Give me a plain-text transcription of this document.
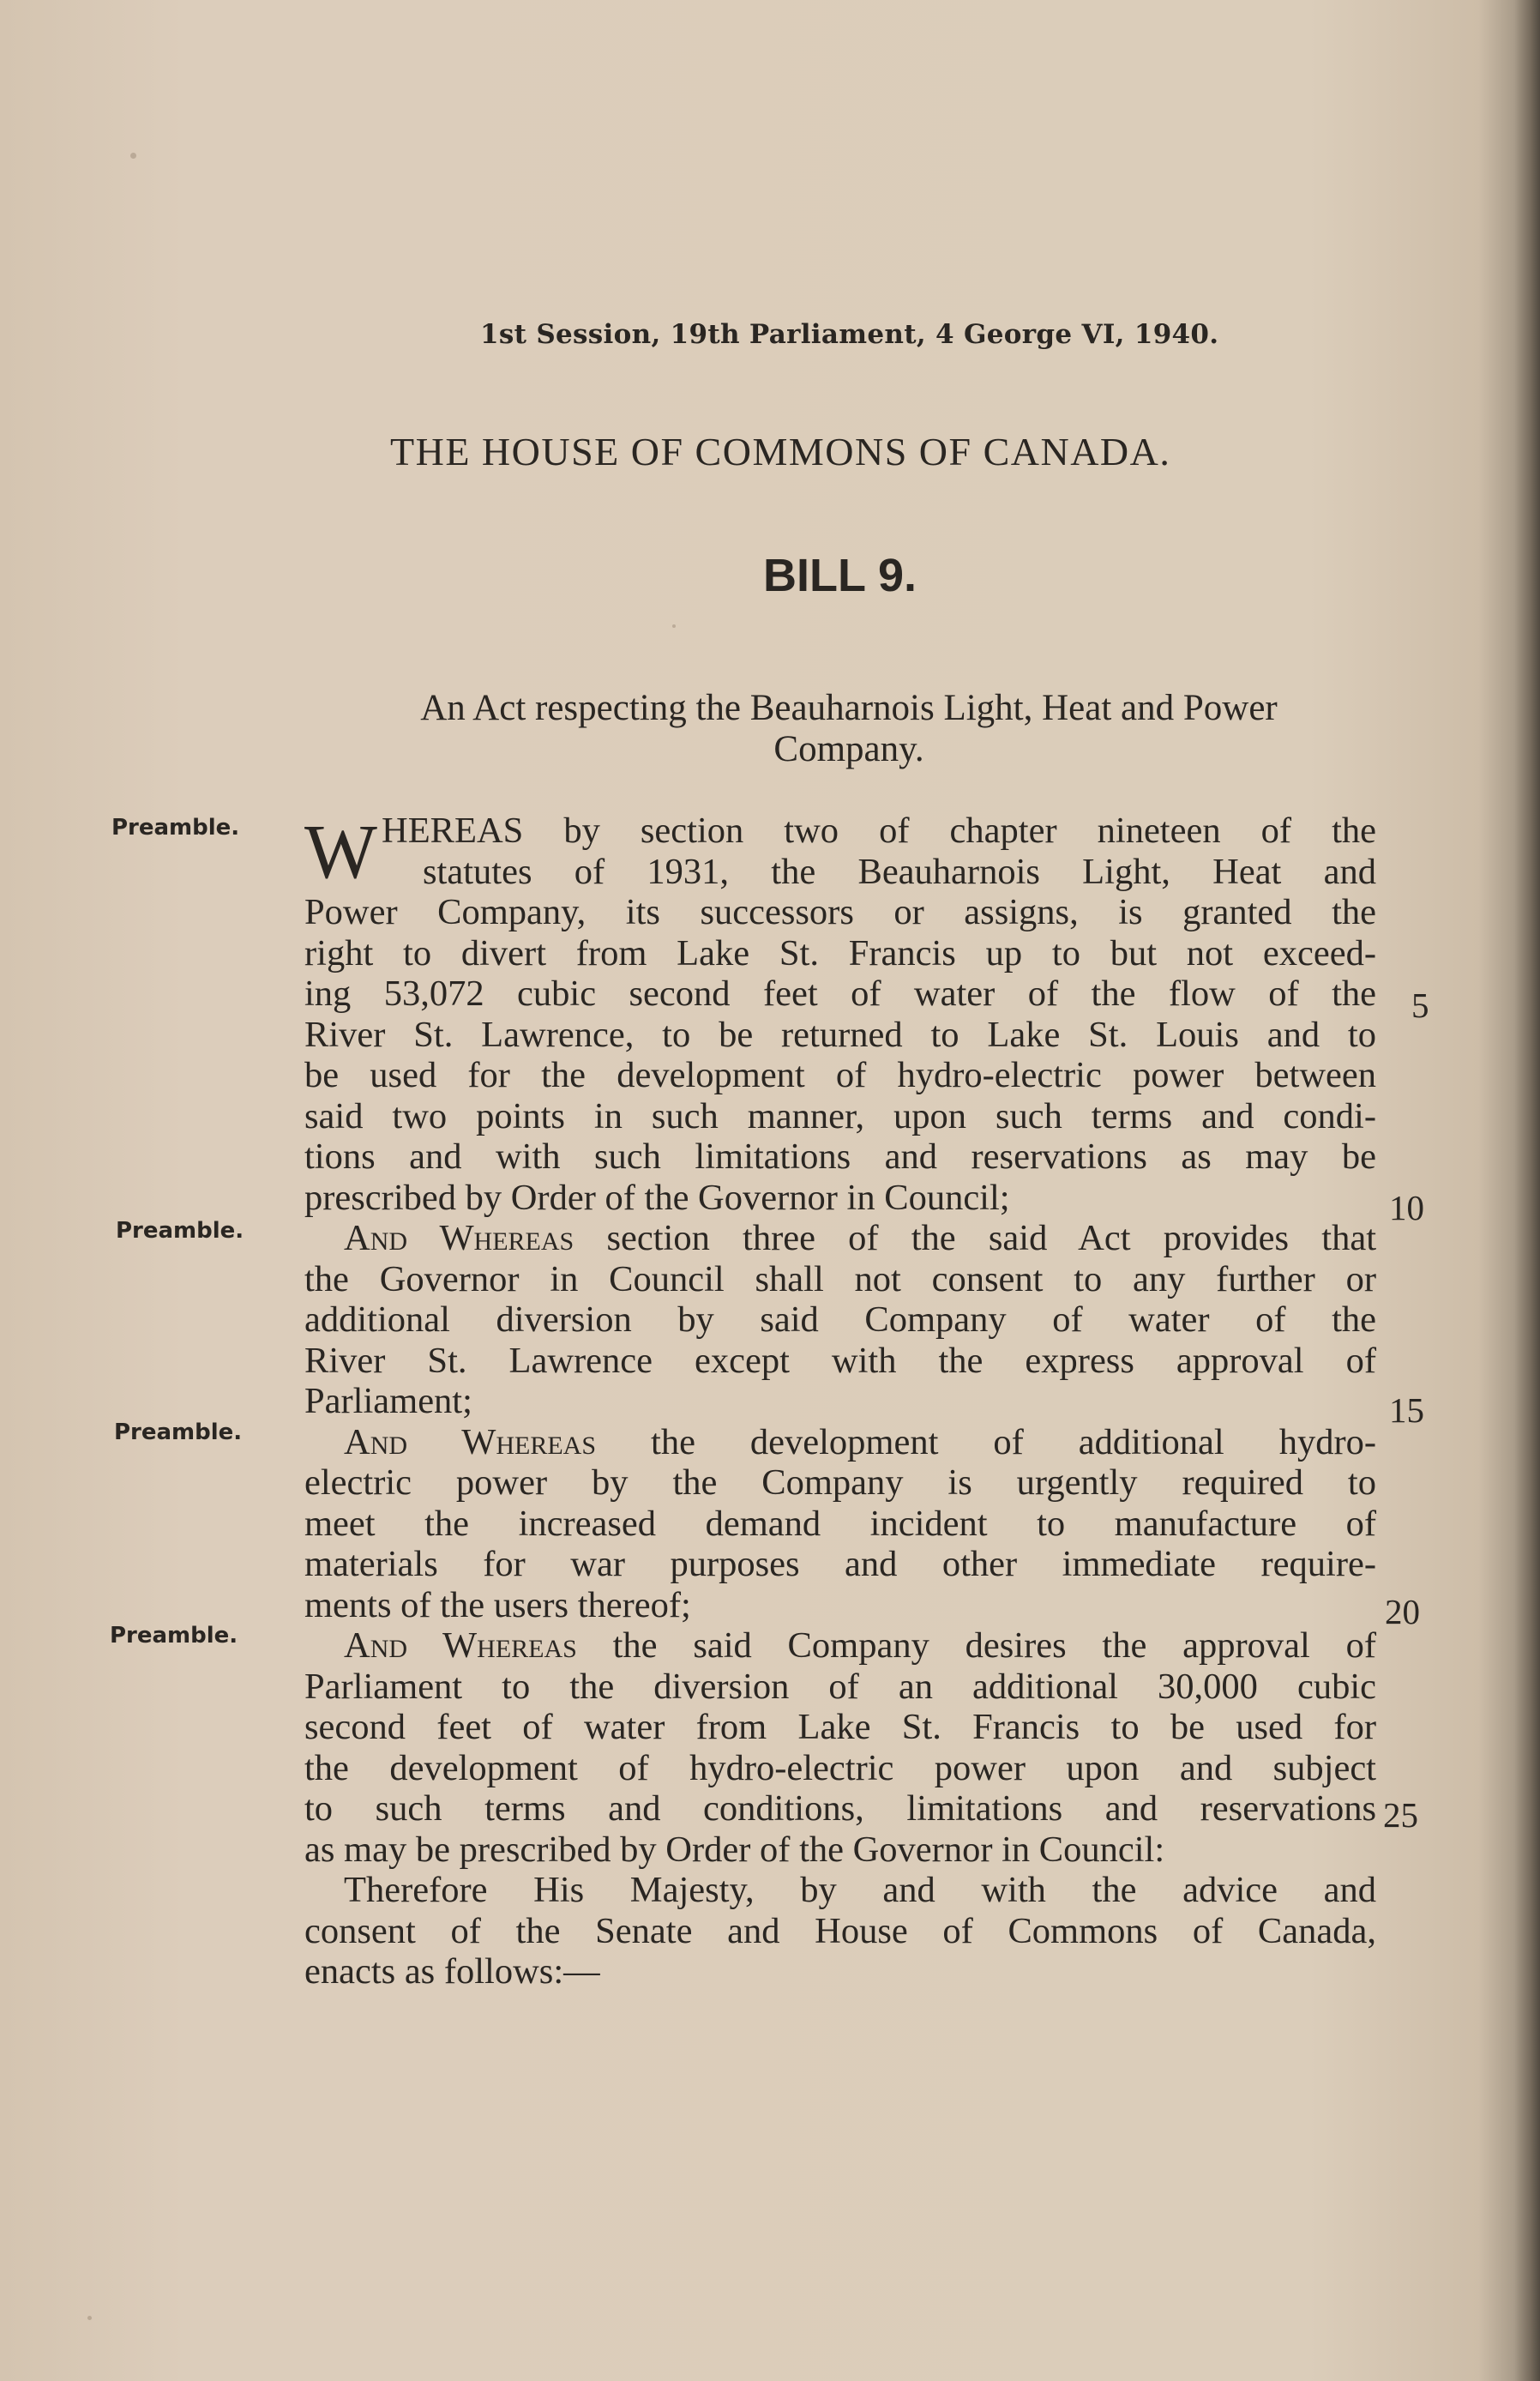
1st Session, 19th Parliament, 4 George VI, 1940.
THE HOUSE OF COMMONS OF CANADA.
BILL 9.
An Act respecting the Beauharnois Light, Heat and Power
Company.
Preamble.
Preamble.
Preamble.
Preamble.
5
10
15
20
25
W HEREAS by section two of chapter nineteen of the
statutes of 1931, the Beauharnois Light, Heat and
Power Company, its successors or assigns, is granted the
right to divert from Lake St. Francis up to but not exceed-
ing 53,072 cubic second feet of water of the flow of the
River St. Lawrence, to be returned to Lake St. Louis and to
be used for the development of hydro-electric power between
said two points in such manner, upon such terms and condi-
tions and with such limitations and reservations as may be
prescribed by Order of the Governor in Council;
And Whereas section three of the said Act provides that
the Governor in Council shall not consent to any further or
additional diversion by said Company of water of the
River St. Lawrence except with the express approval of
Parliament;
And Whereas the development of additional hydro-
electric power by the Company is urgently required to
meet the increased demand incident to manufacture of
materials for war purposes and other immediate require-
ments of the users thereof;
And Whereas the said Company desires the approval of
Parliament to the diversion of an additional 30,000 cubic
second feet of water from Lake St. Francis to be used for
the development of hydro-electric power upon and subject
to such terms and conditions, limitations and reservations
as may be prescribed by Order of the Governor in Council:
Therefore His Majesty, by and with the advice and
consent of the Senate and House of Commons of Canada,
enacts as follows:—
